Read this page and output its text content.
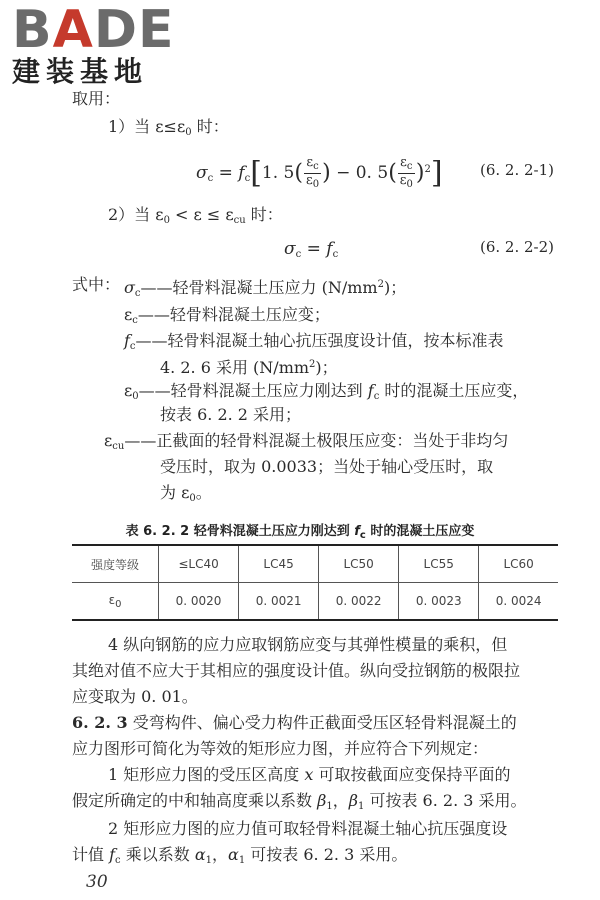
BADE
建装基地
取用：
1）当 $\varepsilon\le\varepsilon_0$ 时：
$\sigma_c = f_c[1$. $5( \frac{\varepsilon_c}{\varepsilon_0}$ ) − 0. $5( \frac{\varepsilon_c}{\varepsilon_0} )^2$] (6. 2. 2-1)
2）当 $\varepsilon_0 < \varepsilon \le \varepsilon_{cu}$ 时：
$\sigma_c = f_c$	(6. 2. 2-2)
式中： $\sigma_c——$轻骨料混凝土压应力 $(N/mm^2)$；
$\varepsilon_c——$轻骨料混凝土压应变；
$f_c——$轻骨料混凝土轴心抗压强度设计值，按本标准表
4. 2. 6 采用 $(N/mm^2)$；
$\varepsilon_0——$轻骨料混凝土压应力刚达到 $f_c$ 时的混凝土压应变，
按表 6. 2. 2 采用；
$\varepsilon_{cu}——$正截面的轻骨料混凝土极限压应变：当处于非均匀
受压时，取为 0.0033；当处于轴心受压时，取
为 $\varepsilon_0$。
表 6. 2. 2 轻骨料混凝土压应力刚达到 $f_c$ 时的混凝土压应变
强度等级	≤LC40	LC45	LC50	LC55	LC60
$\varepsilon_0$	0. 0020	0. 0021	0. 0022	0. 0023	0. 0024
4 纵向钢筋的应力应取钢筋应变与其弹性模量的乘积，但
其绝对值不应大于其相应的强度设计值。纵向受拉钢筋的极限拉
应变取为 0. 01。
6. 2. 3 受弯构件、偏心受力构件正截面受压区轻骨料混凝土的
应力图形可简化为等效的矩形应力图，并应符合下列规定：
1 矩形应力图的受压区高度 x 可取按截面应变保持平面的
假定所确定的中和轴高度乘以系数 $\beta_1$，$\beta_1$ 可按表 6. 2. 3 采用。
2 矩形应力图的应力值可取轻骨料混凝土轴心抗压强度设
计值 $f_c$ 乘以系数 $\alpha_1$，$\alpha_1$ 可按表 6. 2. 3 采用。
30
